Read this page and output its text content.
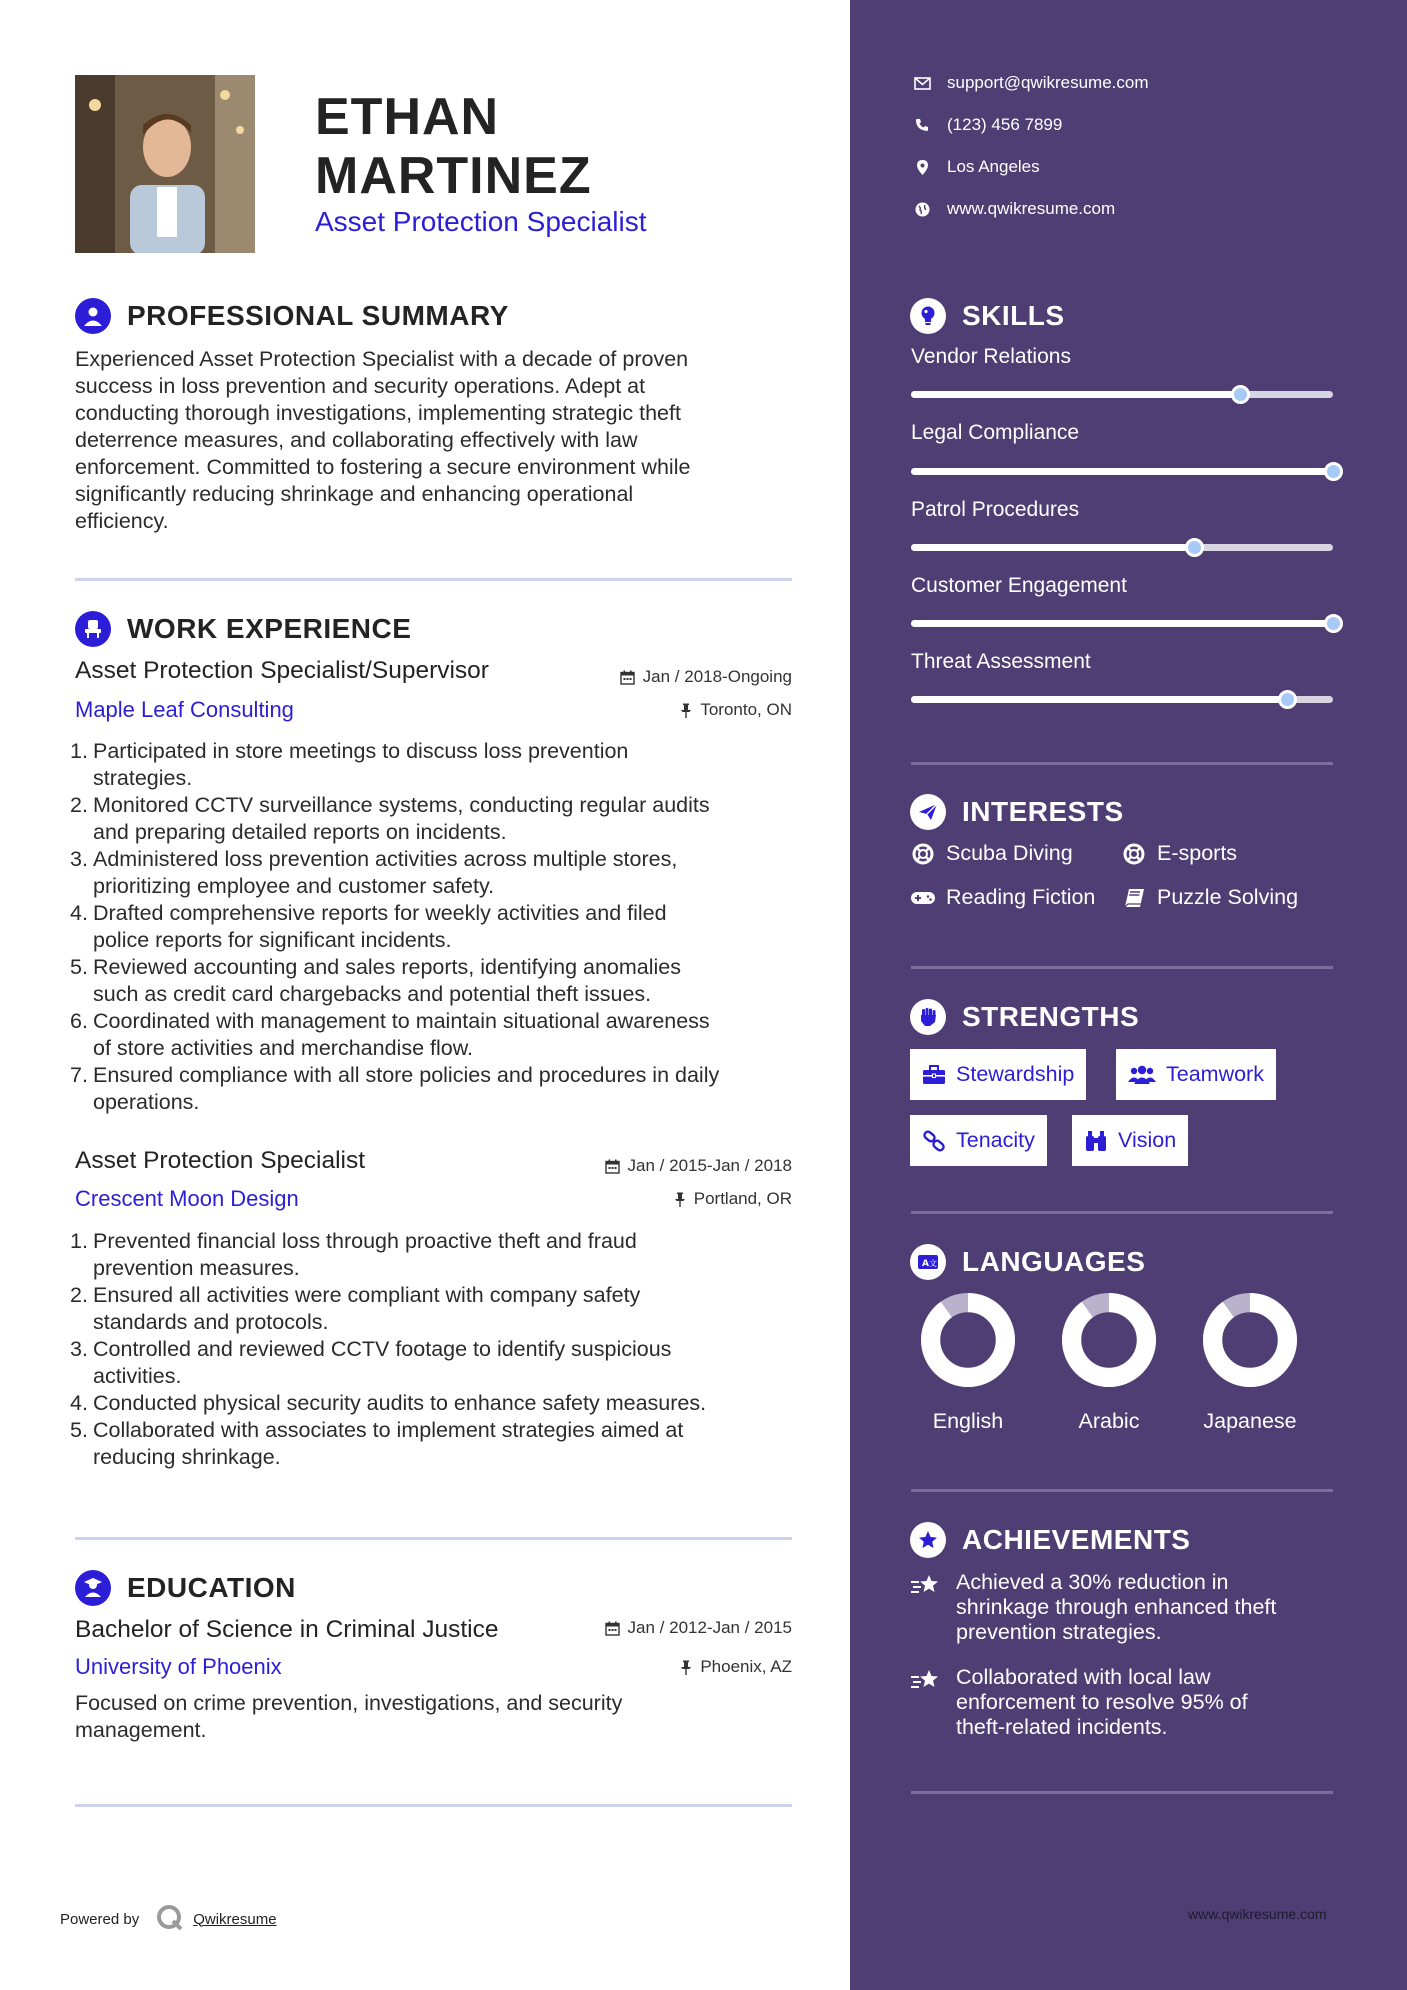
ETHAN
MARTINEZ
Asset Protection Specialist
PROFESSIONAL SUMMARY
Experienced Asset Protection Specialist with a decade of proven
success in loss prevention and security operations. Adept at
conducting thorough investigations, implementing strategic theft
deterrence measures, and collaborating effectively with law
enforcement. Committed to fostering a secure environment while
significantly reducing shrinkage and enhancing operational
efficiency.
WORK EXPERIENCE
Asset Protection Specialist/Supervisor	Jan / 2018-Ongoing
Maple Leaf Consulting	Toronto, ON
1. Participated in store meetings to discuss loss prevention
strategies.
2. Monitored CCTV surveillance systems, conducting regular audits
and preparing detailed reports on incidents.
3. Administered loss prevention activities across multiple stores,
prioritizing employee and customer safety.
4. Drafted comprehensive reports for weekly activities and filed
police reports for significant incidents.
5. Reviewed accounting and sales reports, identifying anomalies
such as credit card chargebacks and potential theft issues.
6. Coordinated with management to maintain situational awareness
of store activities and merchandise flow.
7. Ensured compliance with all store policies and procedures in daily
operations.
Asset Protection Specialist	Jan / 2015-Jan / 2018
Crescent Moon Design	Portland, OR
1. Prevented financial loss through proactive theft and fraud
prevention measures.
2. Ensured all activities were compliant with company safety
standards and protocols.
3. Controlled and reviewed CCTV footage to identify suspicious
activities.
4. Conducted physical security audits to enhance safety measures.
5. Collaborated with associates to implement strategies aimed at
reducing shrinkage.
EDUCATION
Bachelor of Science in Criminal Justice	Jan / 2012-Jan / 2015
University of Phoenix	Phoenix, AZ
Focused on crime prevention, investigations, and security
management.
Powered by	Qwikresume
support@qwikresume.com
(123) 456 7899
Los Angeles
www.qwikresume.com
SKILLS
Vendor Relations
Legal Compliance
Patrol Procedures
Customer Engagement
Threat Assessment
INTERESTS
Scuba Diving	E-sports
Reading Fiction	Puzzle Solving
STRENGTHS
Stewardship	Teamwork
Tenacity	Vision
A 文 LANGUAGES
English	Arabic	Japanese
ACHIEVEMENTS
Achieved a 30% reduction in
shrinkage through enhanced theft
prevention strategies.
Collaborated with local law
enforcement to resolve 95% of
theft-related incidents.
www.qwikresume.com
